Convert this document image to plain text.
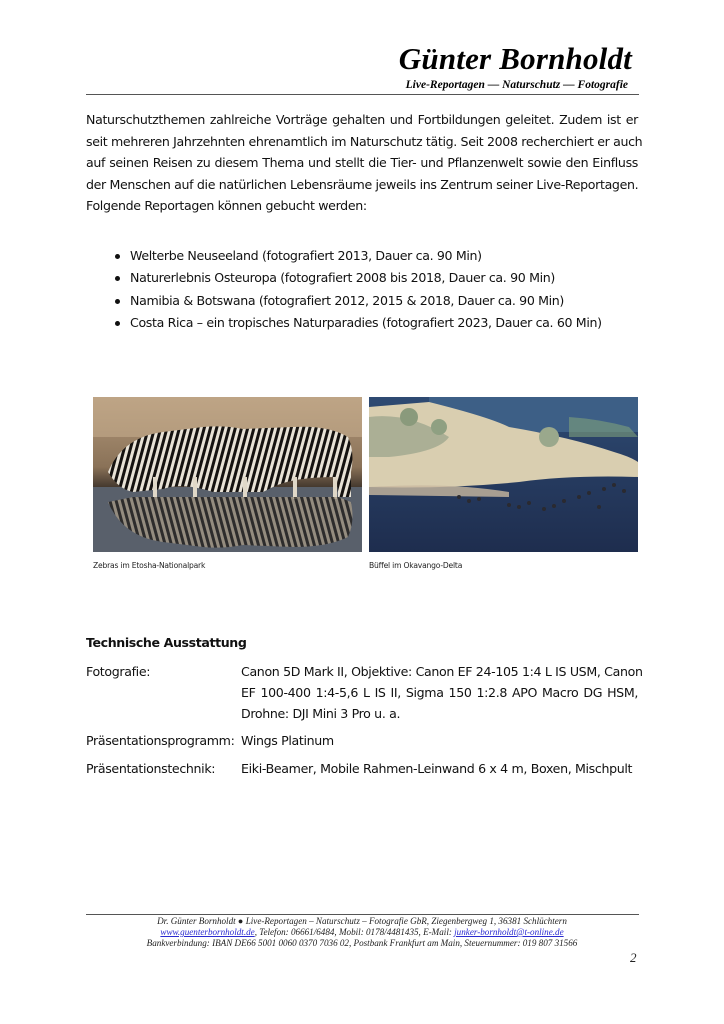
Günter Bornholdt
Live-Reportagen — Naturschutz — Fotografie
Naturschutzthemen zahlreiche Vorträge gehalten und Fortbildungen geleitet. Zudem ist er
seit mehreren Jahrzehnten ehrenamtlich im Naturschutz tätig. Seit 2008 recherchiert er auch
auf seinen Reisen zu diesem Thema und stellt die Tier- und Pflanzenwelt sowie den Einfluss
der Menschen auf die natürlichen Lebensräume jeweils ins Zentrum seiner Live-Reportagen.
Folgende Reportagen können gebucht werden:
Welterbe Neuseeland (fotografiert 2013, Dauer ca. 90 Min)
Naturerlebnis Osteuropa (fotografiert 2008 bis 2018, Dauer ca. 90 Min)
Namibia & Botswana (fotografiert 2012, 2015 & 2018, Dauer ca. 90 Min)
Costa Rica – ein tropisches Naturparadies (fotografiert 2023, Dauer ca. 60 Min)
Zebras im Etosha-Nationalpark	Büffel im Okavango-Delta
Technische Ausstattung
Fotografie:	Canon 5D Mark II, Objektive: Canon EF 24-105 1:4 L IS USM, Canon
EF 100-400 1:4-5,6 L IS II, Sigma 150 1:2.8 APO Macro DG HSM,
Drohne: DJI Mini 3 Pro u. a.
Präsentationsprogramm: Wings Platinum
Präsentationstechnik: Eiki-Beamer, Mobile Rahmen-Leinwand 6 x 4 m, Boxen, Mischpult
Dr. Günter Bornholdt ● Live-Reportagen – Naturschutz – Fotografie GbR, Ziegenbergweg 1, 36381 Schlüchtern
www.guenterbornholdt.de, Telefon: 06661/6484, Mobil: 0178/4481435, E-Mail: junker-bornholdt@t-online.de
Bankverbindung: IBAN DE66 5001 0060 0370 7036 02, Postbank Frankfurt am Main, Steuernummer: 019 807 31566
2
